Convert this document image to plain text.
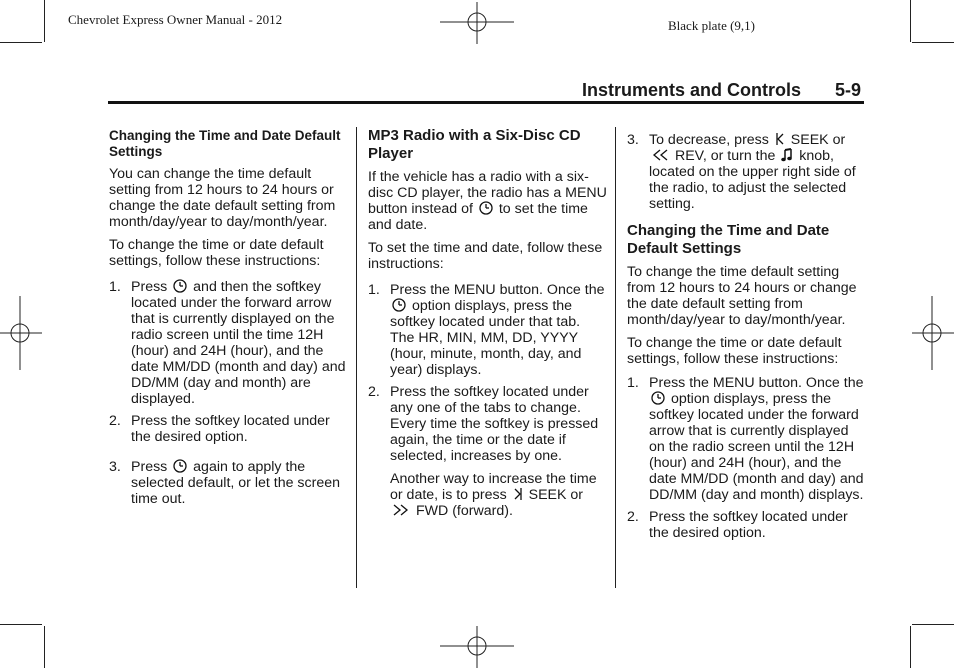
Chevrolet Express Owner Manual - 2012	Black plate (9,1)
Instruments and Controls 5-9
Changing the Time and Date Default Settings

You can change the time default setting from 12 hours to 24 hours or change the date default setting from month/day/year to day/month/year.

To change the time or date default settings, follow these instructions:

1. Press and then the softkey located under the forward arrow that is currently displayed on the radio screen until the time 12H (hour) and 24H (hour), and the date MM/DD (month and day) and DD/MM (day and month) are displayed.
2. Press the softkey located under the desired option.
3. Press again to apply the selected default, or let the screen time out.
MP3 Radio with a Six-Disc CD Player

If the vehicle has a radio with a six-disc CD player, the radio has a MENU button instead of to set the time and date.

To set the time and date, follow these instructions:

1. Press the MENU button. Once the
option displays, press the softkey located under that tab. The HR, MIN, MM, DD, YYYY (hour, minute, month, day, and year) displays.
2. Press the softkey located under any one of the tabs to change. Every time the softkey is pressed again, the time or the date if selected, increases by one.
Another way to increase the time or date, is to press SEEK or
FWD (forward).
3. To decrease, press SEEK or
REV, or turn the knob, located on the upper right side of the radio, to adjust the selected setting.
Changing the Time and Date Default Settings

To change the time default setting from 12 hours to 24 hours or change the date default setting from month/day/year to day/month/year.

To change the time or date default settings, follow these instructions:

1. Press the MENU button. Once the
option displays, press the softkey located under the forward arrow that is currently displayed on the radio screen until the 12H (hour) and 24H (hour), and the date MM/DD (month and day) and DD/MM (day and month) displays.
2. Press the softkey located under the desired option.
